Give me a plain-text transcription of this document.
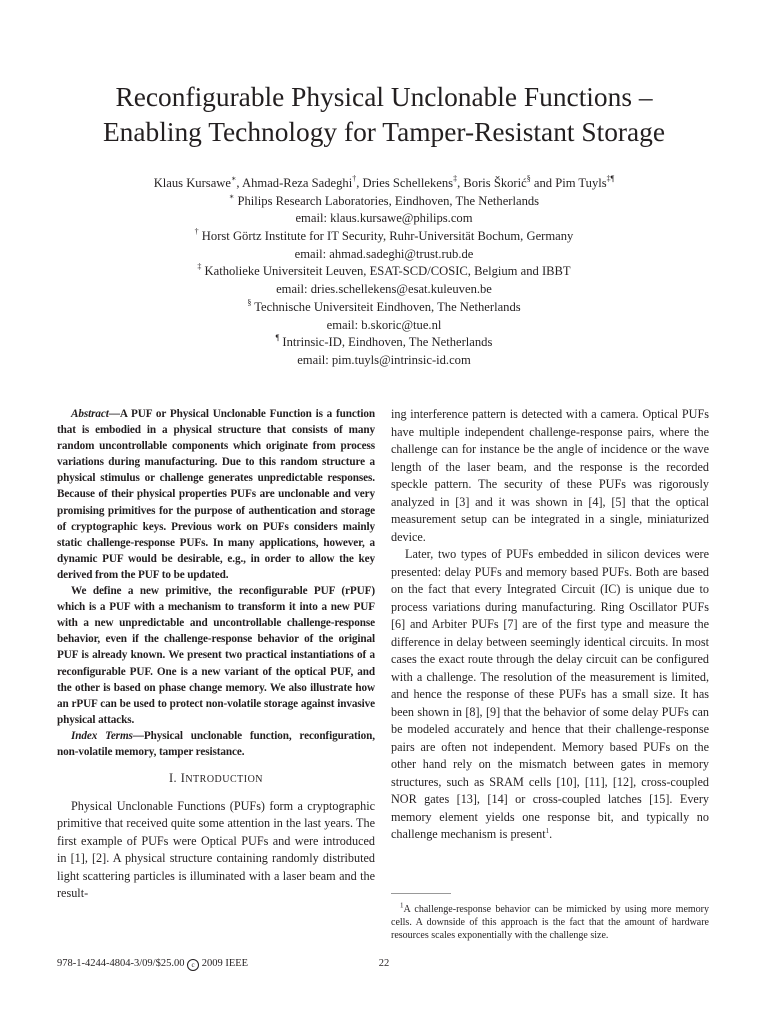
Reconfigurable Physical Unclonable Functions –
Enabling Technology for Tamper-Resistant Storage
Klaus Kursawe∗, Ahmad-Reza Sadeghi†, Dries Schellekens‡, Boris Škorić§ and Pim Tuyls‡¶
∗ Philips Research Laboratories, Eindhoven, The Netherlands
email: klaus.kursawe@philips.com
† Horst Görtz Institute for IT Security, Ruhr-Universität Bochum, Germany
email: ahmad.sadeghi@trust.rub.de
‡ Katholieke Universiteit Leuven, ESAT-SCD/COSIC, Belgium and IBBT
email: dries.schellekens@esat.kuleuven.be
§ Technische Universiteit Eindhoven, The Netherlands
email: b.skoric@tue.nl
¶ Intrinsic-ID, Eindhoven, The Netherlands
email: pim.tuyls@intrinsic-id.com

Abstract—A PUF or Physical Unclonable Function is a function that is embodied in a physical structure that consists of many random uncontrollable components which originate from process variations during manufacturing. Due to this random structure a physical stimulus or challenge generates unpredictable responses. Because of their physical properties PUFs are unclonable and very promising primitives for the purpose of authentication and storage of cryptographic keys. Previous work on PUFs considers mainly static challenge-response PUFs. In many applications, however, a dynamic PUF would be desirable, e.g., in order to allow the key derived from the PUF to be updated.

We define a new primitive, the reconfigurable PUF (rPUF) which is a PUF with a mechanism to transform it into a new PUF with a new unpredictable and uncontrollable challenge-response behavior, even if the challenge-response behavior of the original PUF is already known. We present two practical instantiations of a reconfigurable PUF. One is a new variant of the optical PUF, and the other is based on phase change memory. We also illustrate how an rPUF can be used to protect non-volatile storage against invasive physical attacks.

Index Terms—Physical unclonable function, reconfiguration, non-volatile memory, tamper resistance.

I. INTRODUCTION

Physical Unclonable Functions (PUFs) form a cryptographic primitive that received quite some attention in the last years. The first example of PUFs were Optical PUFs and were introduced in [1], [2]. A physical structure containing randomly distributed light scattering particles is illuminated with a laser beam and the result-

ing interference pattern is detected with a camera. Optical PUFs have multiple independent challenge-response pairs, where the challenge can for instance be the angle of incidence or the wave length of the laser beam, and the response is the recorded speckle pattern. The security of these PUFs was rigorously analyzed in [3] and it was shown in [4], [5] that the optical measurement setup can be integrated in a single, miniaturized device.

Later, two types of PUFs embedded in silicon devices were presented: delay PUFs and memory based PUFs. Both are based on the fact that every Integrated Circuit (IC) is unique due to process variations during manufacturing. Ring Oscillator PUFs [6] and Arbiter PUFs [7] are of the first type and measure the difference in delay between seemingly identical circuits. In most cases the exact route through the delay circuit can be configured with a challenge. The resolution of the measurement is limited, and hence the response of these PUFs has a small size. It has been shown in [8], [9] that the behavior of some delay PUFs can be modeled accurately and hence that their challenge-response pairs are often not independent. Memory based PUFs on the other hand rely on the mismatch between gates in memory structures, such as SRAM cells [10], [11], [12], cross-coupled NOR gates [13], [14] or cross-coupled latches [15]. Every memory element yields one response bit, and typically no challenge mechanism is present$^1$.

$^1$A challenge-response behavior can be mimicked by using more memory cells. A downside of this approach is the fact that the amount of hardware resources scales exponentially with the challenge size.
978-1-4244-4804-3/09/$25.00 c 2009 IEEE	22
